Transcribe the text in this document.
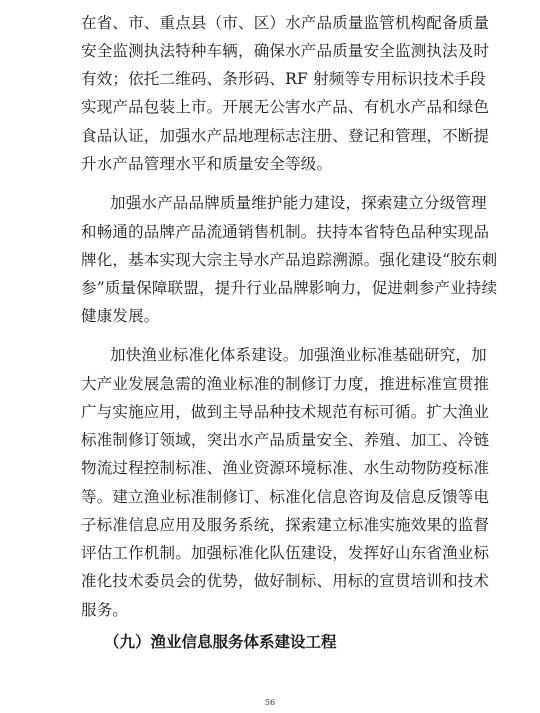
在省、市、重点县（市、区）水产品质量监管机构配备质量
安全监测执法特种车辆，确保水产品质量安全监测执法及时
有效；依托二维码、条形码、RF 射频等专用标识技术手段
实现产品包装上市。开展无公害水产品、有机水产品和绿色
食品认证，加强水产品地理标志注册、登记和管理，不断提
升水产品管理水平和质量安全等级。
加强水产品品牌质量维护能力建设，探索建立分级管理
和畅通的品牌产品流通销售机制。扶持本省特色品种实现品
牌化，基本实现大宗主导水产品追踪溯源。强化建设“胶东刺
参”质量保障联盟，提升行业品牌影响力，促进刺参产业持续
健康发展。
加快渔业标准化体系建设。加强渔业标准基础研究，加
大产业发展急需的渔业标准的制修订力度，推进标准宣贯推
广与实施应用，做到主导品种技术规范有标可循。扩大渔业
标准制修订领域，突出水产品质量安全、养殖、加工、冷链
物流过程控制标准、渔业资源环境标准、水生动物防疫标准
等。建立渔业标准制修订、标准化信息咨询及信息反馈等电
子标准信息应用及服务系统，探索建立标准实施效果的监督
评估工作机制。加强标准化队伍建设，发挥好山东省渔业标
准化技术委员会的优势，做好制标、用标的宣贯培训和技术
服务。
（九）渔业信息服务体系建设工程
56
